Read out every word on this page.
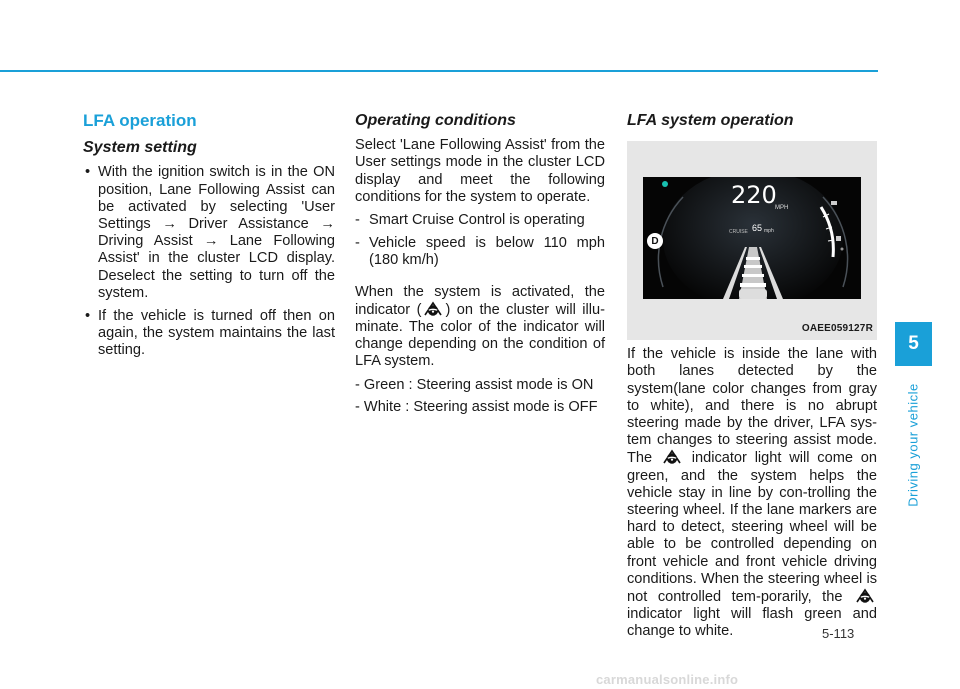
LFA operation
System setting
• With the ignition switch is in the ON position, Lane Following Assist can be activated by selecting 'User Settings → Driver Assistance → Driving Assist → Lane Following Assist' in the cluster LCD display. Deselect the setting to turn off the system.
• If the vehicle is turned off then on again, the system maintains the last setting.
Operating conditions

Select 'Lane Following Assist' from the User settings mode in the cluster LCD display and meet the following conditions for the system to operate.

- Smart Cruise Control is operating
- Vehicle speed is below 110 mph (180 km/h)

When the system is activated, the indicator ( ) on the cluster will illu-minate. The color of the indicator will change depending on the condition of LFA system.

- Green : Steering assist mode is ON
- White : Steering assist mode is OFF
LFA system operation
D
220
MPH
CRUISE 65 mph
OAEE059127R

If the vehicle is inside the lane with both lanes detected by the system(lane color changes from gray to white), and there is no abrupt steering made by the driver, LFA sys-tem changes to steering assist mode. The	indicator light will come on green, and the system helps the vehicle stay in line by con-trolling the steering wheel. If the lane markers are hard to detect, steering wheel will be able to be controlled depending on front vehicle and front vehicle driving conditions. When the steering wheel is not controlled tem-porarily, the
indicator light will flash green and change to white.

5
Driving your vehicle
5-113
carmanualsonline.info
